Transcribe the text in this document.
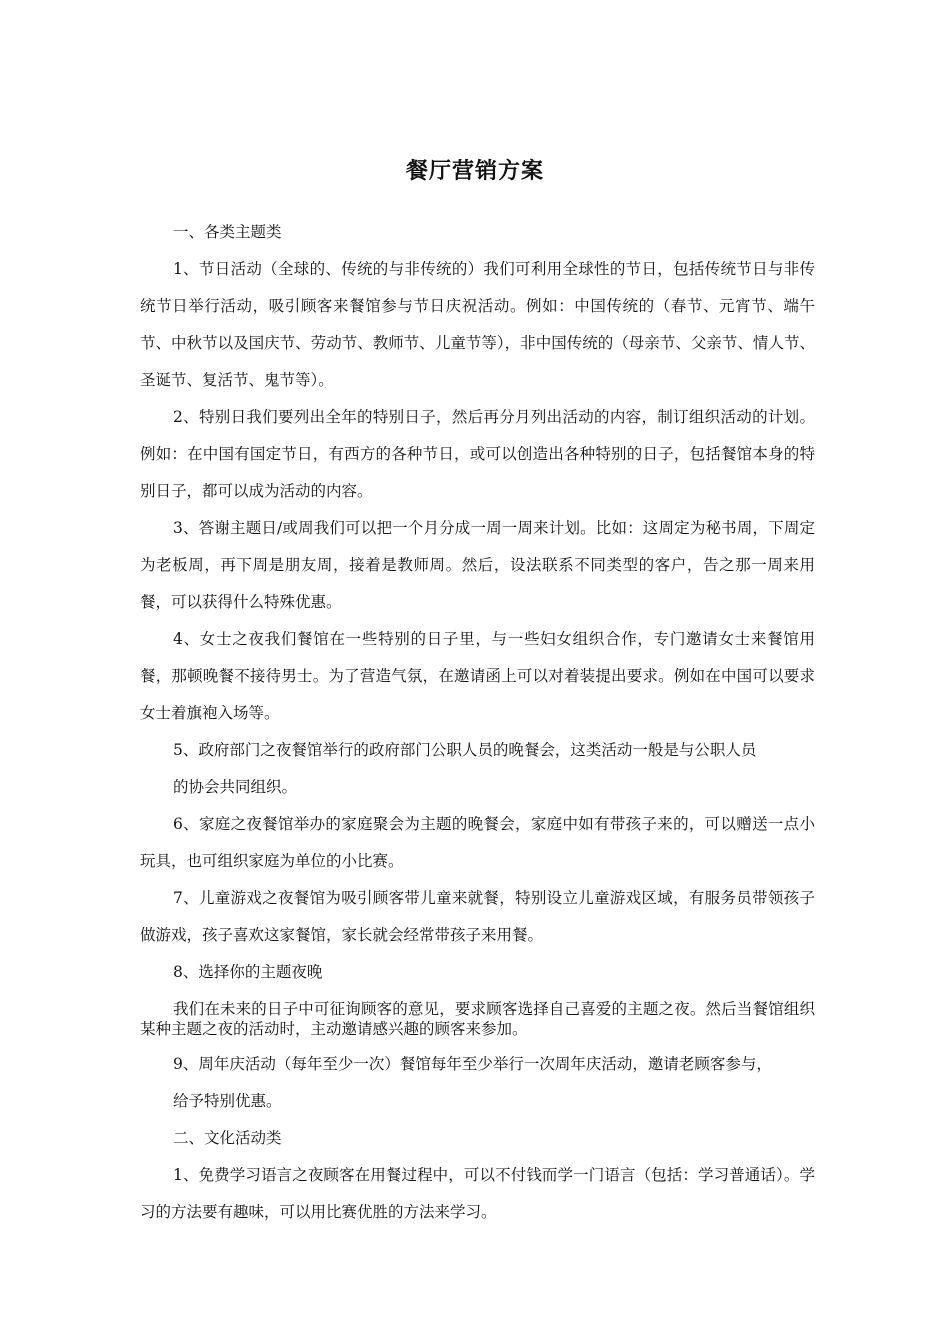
餐厅营销方案

一、各类主题类

1、节日活动（全球的、传统的与非传统的）我们可利用全球性的节日，包括传统节日与非传统节日举行活动，吸引顾客来餐馆参与节日庆祝活动。例如：中国传统的（春节、元宵节、端午节、中秋节以及国庆节、劳动节、教师节、儿童节等），非中国传统的（母亲节、父亲节、情人节、圣诞节、复活节、鬼节等）。

2、特别日我们要列出全年的特别日子，然后再分月列出活动的内容，制订组织活动的计划。例如：在中国有国定节日，有西方的各种节日，或可以创造出各种特别的日子，包括餐馆本身的特别日子，都可以成为活动的内容。

3、答谢主题日/或周我们可以把一个月分成一周一周来计划。比如：这周定为秘书周，下周定为老板周，再下周是朋友周，接着是教师周。然后，设法联系不同类型的客户，告之那一周来用餐，可以获得什么特殊优惠。

4、女士之夜我们餐馆在一些特别的日子里，与一些妇女组织合作，专门邀请女士来餐馆用餐，那顿晚餐不接待男士。为了营造气氛，在邀请函上可以对着装提出要求。例如在中国可以要求女士着旗袍入场等。

5、政府部门之夜餐馆举行的政府部门公职人员的晚餐会，这类活动一般是与公职人员

的协会共同组织。

6、家庭之夜餐馆举办的家庭聚会为主题的晚餐会，家庭中如有带孩子来的，可以赠送一点小玩具，也可组织家庭为单位的小比赛。

7、儿童游戏之夜餐馆为吸引顾客带儿童来就餐，特别设立儿童游戏区域，有服务员带领孩子做游戏，孩子喜欢这家餐馆，家长就会经常带孩子来用餐。

8、选择你的主题夜晚

我们在未来的日子中可征询顾客的意见，要求顾客选择自己喜爱的主题之夜。然后当餐馆组织某种主题之夜的活动时，主动邀请感兴趣的顾客来参加。

9、周年庆活动（每年至少一次）餐馆每年至少举行一次周年庆活动，邀请老顾客参与，

给予特别优惠。

二、文化活动类

1、免费学习语言之夜顾客在用餐过程中，可以不付钱而学一门语言（包括：学习普通话）。学习的方法要有趣味，可以用比赛优胜的方法来学习。
